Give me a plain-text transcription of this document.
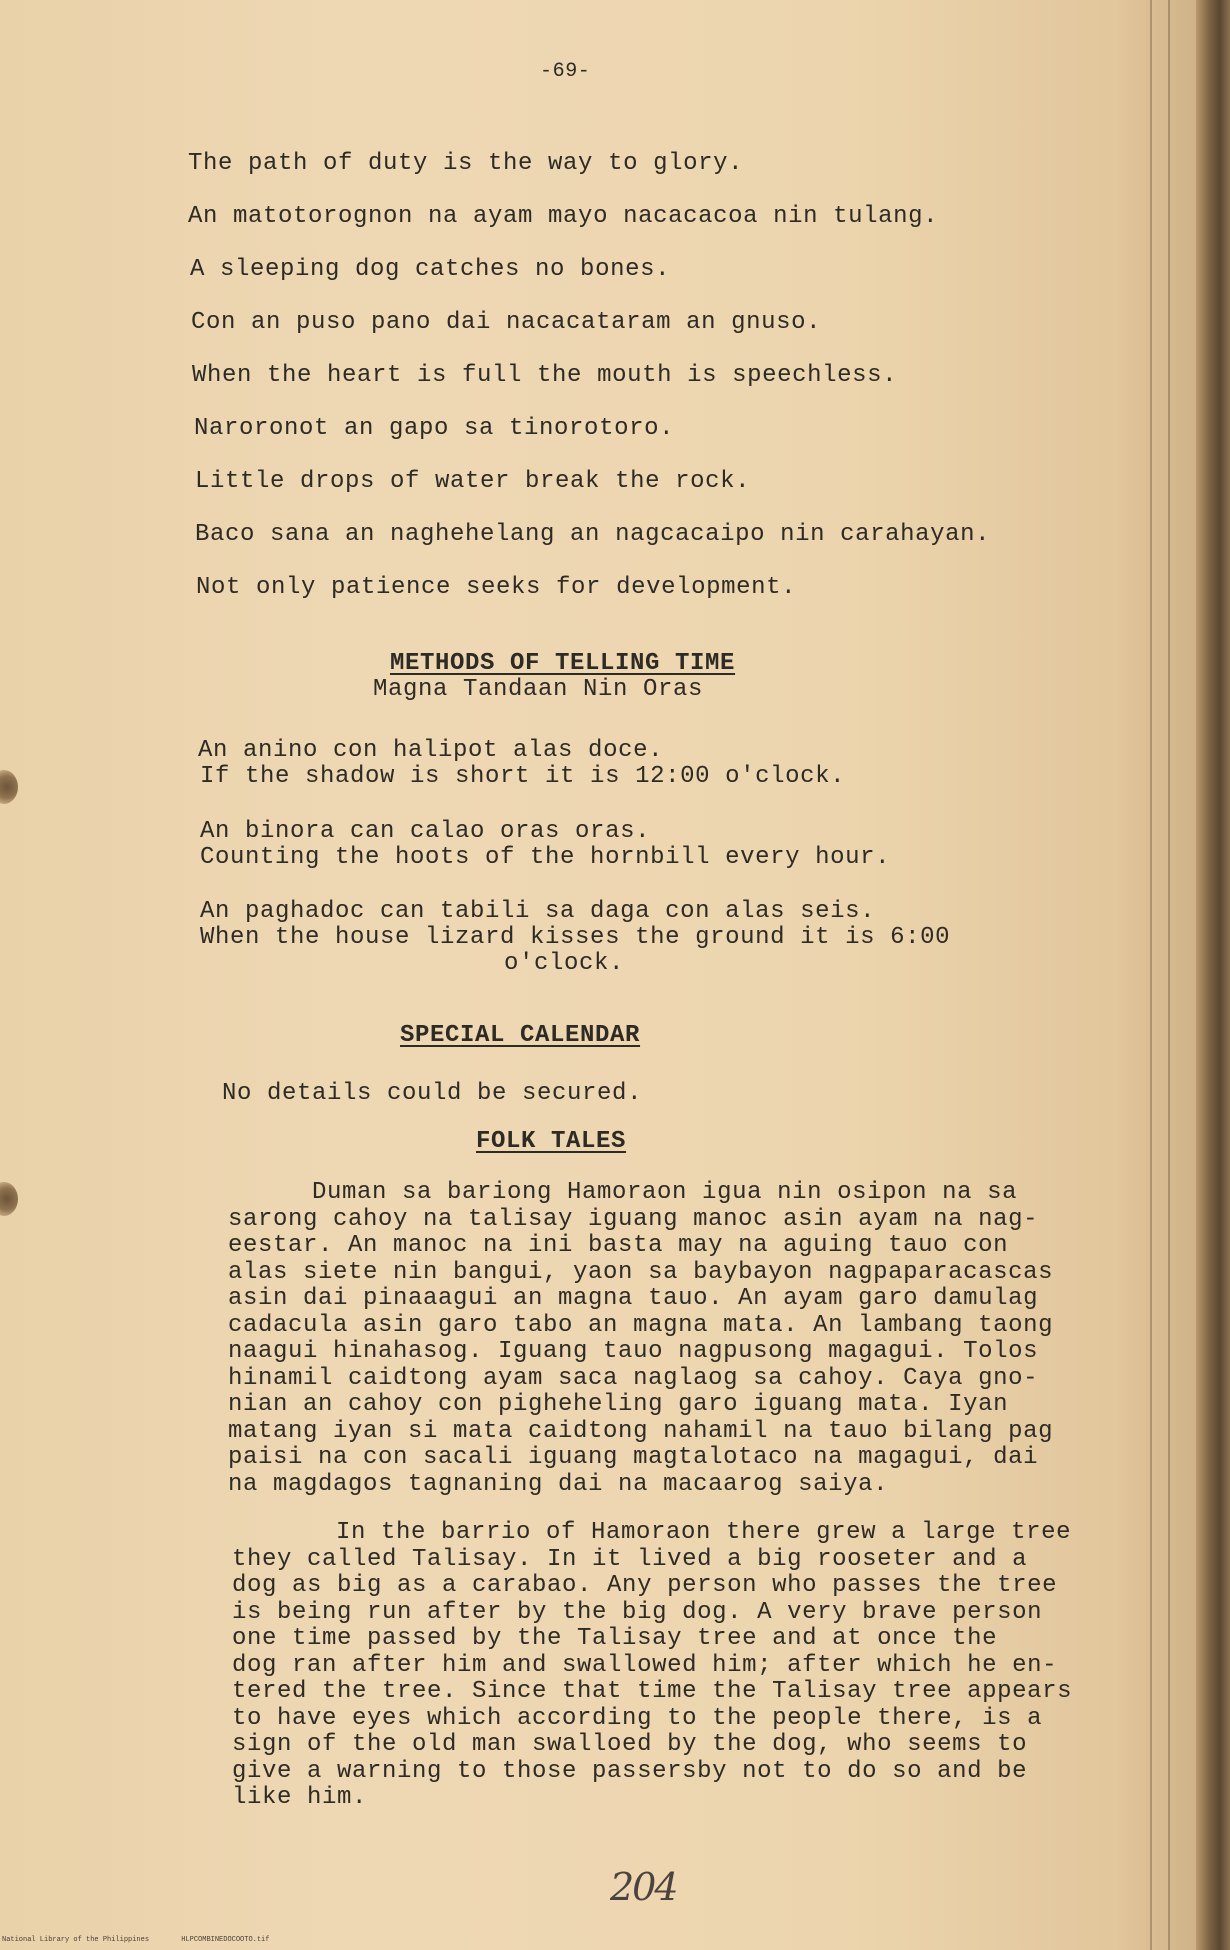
-69-
The path of duty is the way to glory.
An matotorognon na ayam mayo nacacacoa nin tulang.
A sleeping dog catches no bones.
Con an puso pano dai nacacataram an gnuso.
When the heart is full the mouth is speechless.
Naroronot an gapo sa tinorotoro.
Little drops of water break the rock.
Baco sana an naghehelang an nagcacaipo nin carahayan.
Not only patience seeks for development.
METHODS OF TELLING TIME
Magna Tandaan Nin Oras
An anino con halipot alas doce.
If the shadow is short it is 12:00 o'clock.
An binora can calao oras oras.
Counting the hoots of the hornbill every hour.
An paghadoc can tabili sa daga con alas seis.
When the house lizard kisses the ground it is 6:00
o'clock.
SPECIAL CALENDAR
No details could be secured.
FOLK TALES
Duman sa bariong Hamoraon igua nin osipon na sa
sarong cahoy na talisay iguang manoc asin ayam na nag-
eestar. An manoc na ini basta may na aguing tauo con
alas siete nin bangui, yaon sa baybayon nagpaparacascas
asin dai pinaaagui an magna tauo. An ayam garo damulag
cadacula asin garo tabo an magna mata. An lambang taong
naagui hinahasog. Iguang tauo nagpusong magagui. Tolos
hinamil caidtong ayam saca naglaog sa cahoy. Caya gno-
nian an cahoy con pigheheling garo iguang mata. Iyan
matang iyan si mata caidtong nahamil na tauo bilang pag
paisi na con sacali iguang magtalotaco na magagui, dai
na magdagos tagnaning dai na macaarog saiya.
In the barrio of Hamoraon there grew a large tree
they called Talisay. In it lived a big rooseter and a
dog as big as a carabao. Any person who passes the tree
is being run after by the big dog. A very brave person
one time passed by the Talisay tree and at once the
dog ran after him and swallowed him; after which he en-
tered the tree. Since that time the Talisay tree appears
to have eyes which according to the people there, is a
sign of the old man swalloed by the dog, who seems to
give a warning to those passersby not to do so and be
like him.
204
National Library of the Philippines	HLPCOMBINEDOCOOTO.tif
